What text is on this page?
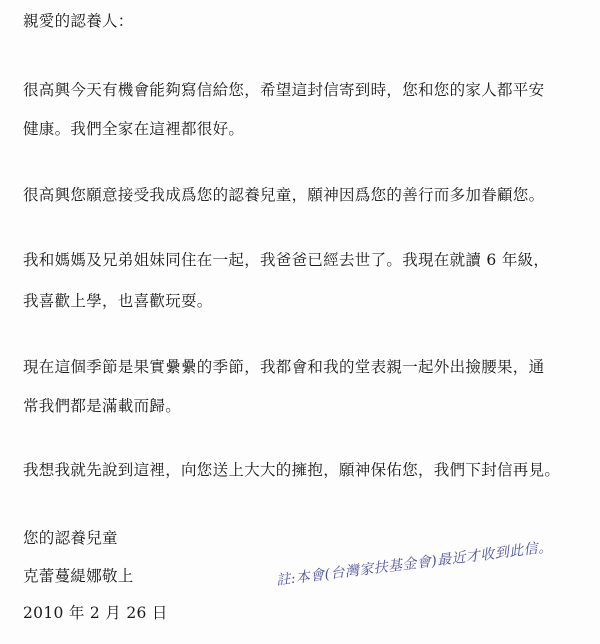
親愛的認養人：
很高興今天有機會能夠寫信給您，希望這封信寄到時，您和您的家人都平安
健康。我們全家在這裡都很好。
很高興您願意接受我成爲您的認養兒童，願神因爲您的善行而多加眷顧您。
我和媽媽及兄弟姐妹同住在一起，我爸爸已經去世了。我現在就讀 6 年級，
我喜歡上學，也喜歡玩耍。
現在這個季節是果實纍纍的季節，我都會和我的堂表親一起外出撿腰果，通
常我們都是滿載而歸。
我想我就先說到這裡，向您送上大大的擁抱，願神保佑您，我們下封信再見。
您的認養兒童
克蕾蔓緹娜敬上
2010 年 2 月 26 日
註:本會(台灣家扶基金會)最近才收到此信。
